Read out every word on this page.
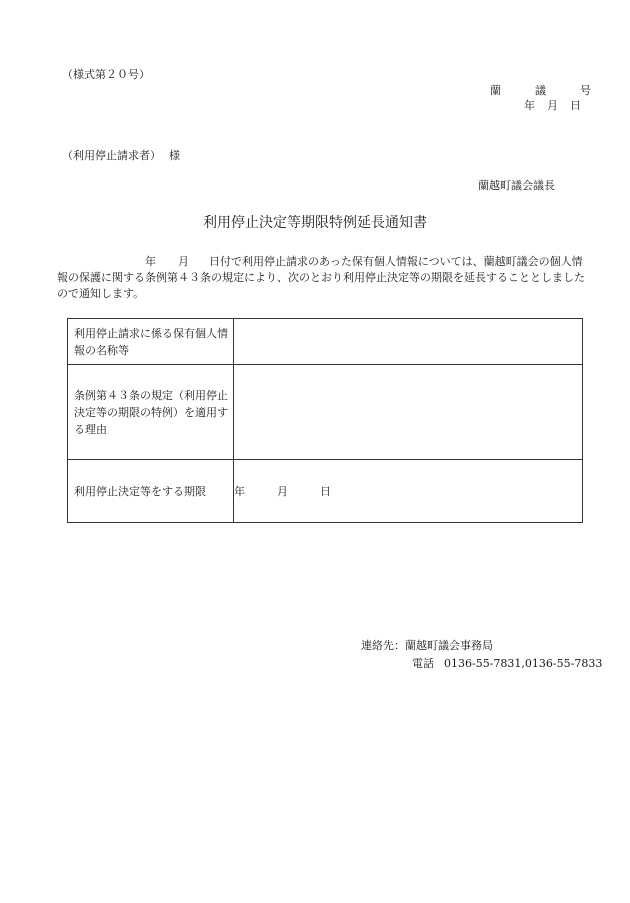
（様式第２０号）
蘭	議	号
年 月 日
（利用停止請求者） 様
蘭越町議会議長
利用停止決定等期限特例延長通知書
年 月 日付で利用停止請求のあった保有個人情報については、蘭越町議会の個人情報の保護に関する条例第４３条の規定により、次のとおり利用停止決定等の期限を延長することとしましたので通知します。
利用停止請求に係る保有個人情報の名称等	
条例第４３条の規定（利用停止決定等の期限の特例）を適用する理由	
利用停止決定等をする期限	年 月 日
連絡先：蘭越町議会事務局
電話 0136-55-7831,0136-55-7833
